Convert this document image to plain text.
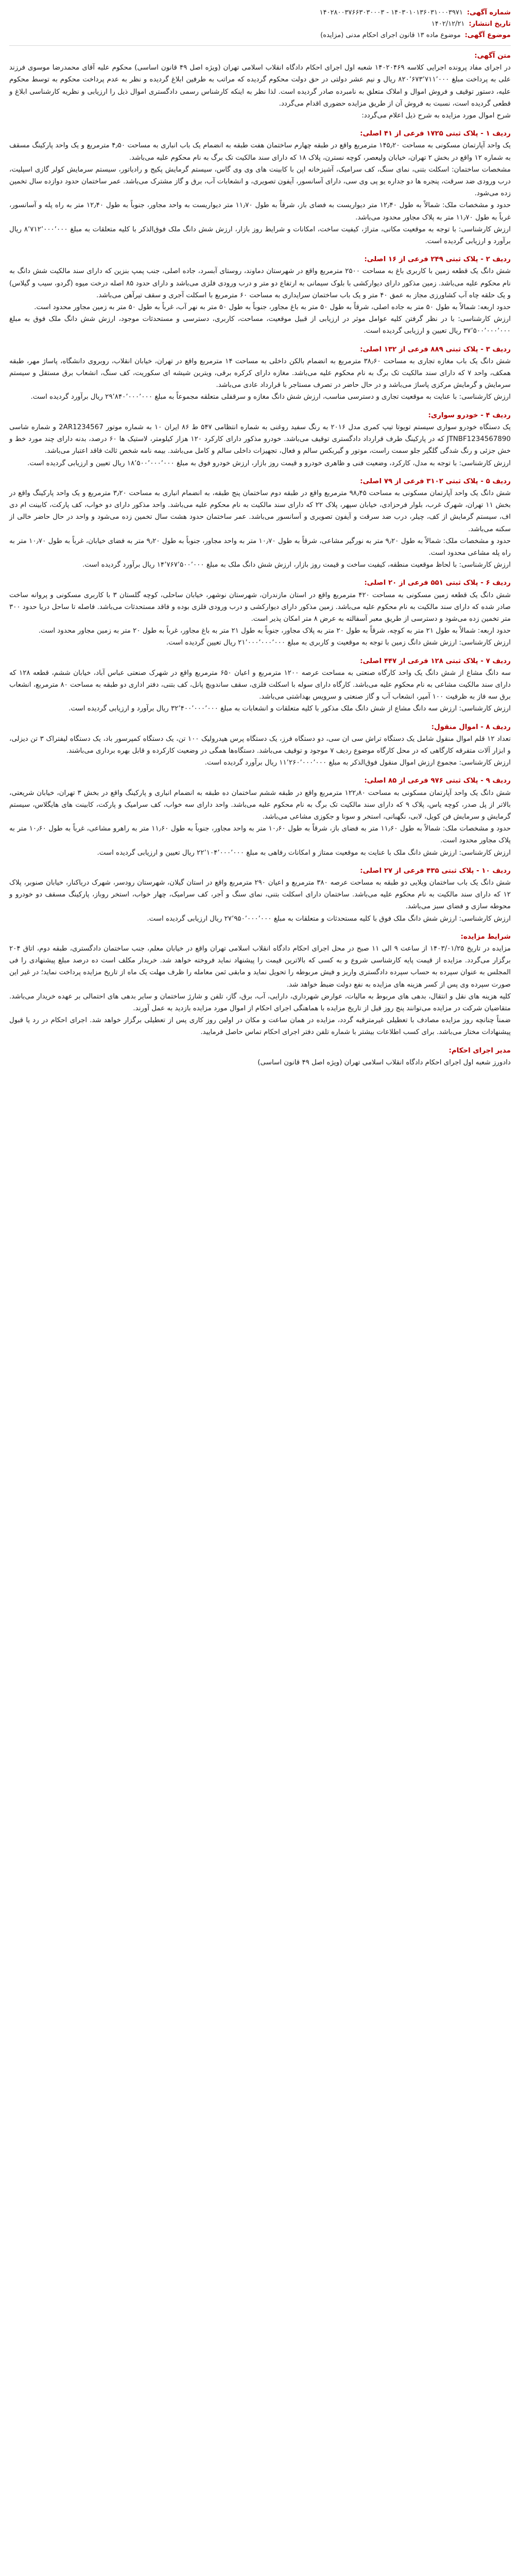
شماره آگهی:
۱۴۰۳۰۱۰۱۳۶۰۳۱۰۰۰۳۹۷۱ - ۱۴۰۲۸۰۰۳۷۶۶۳۰۳۰۰۰۳
تاریخ انتشار:
۱۴۰۲/۱۲/۲۱
موضوع آگهی:
موضوع ماده ۱۳ قانون اجرای احکام مدنی (مزایده)
متن آگهی:
در اجرای مفاد پرونده اجرایی کلاسه ۱۴۰۲۰۴۶۹ شعبه اول اجرای احکام دادگاه انقلاب اسلامی تهران (ویژه اصل ۴۹ قانون اساسی) محکوم علیه آقای محمدرضا موسوی فرزند علی به پرداخت مبلغ ۸۲۰٬۶۷۳٬۷۱۱٬۰۰۰ ریال و نیم عشر دولتی در حق دولت محکوم گردیده که مراتب به طرفین ابلاغ گردیده و نظر به عدم پرداخت محکوم به توسط محکوم علیه، دستور توقیف و فروش اموال و املاک متعلق به نامبرده صادر گردیده است. لذا نظر به اینکه کارشناس رسمی دادگستری اموال ذیل را ارزیابی و نظریه کارشناسی ابلاغ و قطعی گردیده است، نسبت به فروش آن از طریق مزایده حضوری اقدام می‌گردد.
شرح اموال مورد مزایده به شرح ذیل اعلام می‌گردد:
ردیف ۱ - پلاک ثبتی ۱۷۲۵ فرعی از ۴۱ اصلی:
یک واحد آپارتمان مسکونی به مساحت ۱۴۵٫۲۰ مترمربع واقع در طبقه چهارم ساختمان هفت طبقه به انضمام یک باب انباری به مساحت ۴٫۵۰ مترمربع و یک واحد پارکینگ مسقف به شماره ۱۲ واقع در بخش ۲ تهران، خیابان ولیعصر، کوچه نسترن، پلاک ۱۸ که دارای سند مالکیت تک برگ به نام محکوم علیه می‌باشد.
مشخصات ساختمان: اسکلت بتنی، نمای سنگ، کف سرامیک، آشپزخانه اپن با کابینت های وی وی گاس، سیستم گرمایش پکیج و رادیاتور، سیستم سرمایش کولر گازی اسپلیت، درب ورودی ضد سرقت، پنجره ها دو جداره یو پی وی سی، دارای آسانسور، آیفون تصویری، و انشعابات آب، برق و گاز مشترک می‌باشد. عمر ساختمان حدود دوازده سال تخمین زده می‌شود.
حدود و مشخصات ملک: شمالاً به طول ۱۲٫۴۰ متر دیواریست به فضای باز، شرقاً به طول ۱۱٫۷۰ متر دیواریست به واحد مجاور، جنوباً به طول ۱۲٫۴۰ متر به راه پله و آسانسور، غرباً به طول ۱۱٫۷۰ متر به پلاک مجاور محدود می‌باشد.
ارزش کارشناسی: با توجه به موقعیت مکانی، متراژ، کیفیت ساخت، امکانات و شرایط روز بازار، ارزش شش دانگ ملک فوق‌الذکر با کلیه متعلقات به مبلغ ۸٬۷۱۲٬۰۰۰٬۰۰۰ ریال برآورد و ارزیابی گردیده است.
ردیف ۲ - پلاک ثبتی ۲۴۹ فرعی از ۱۶ اصلی:
شش دانگ یک قطعه زمین با کاربری باغ به مساحت ۲۵۰۰ مترمربع واقع در شهرستان دماوند، روستای آبسرد، جاده اصلی، جنب پمپ بنزین که دارای سند مالکیت شش دانگ به نام محکوم علیه می‌باشد. زمین مذکور دارای دیوارکشی با بلوک سیمانی به ارتفاع دو متر و درب ورودی فلزی می‌باشد و دارای حدود ۸۵ اصله درخت میوه (گردو، سیب و گیلاس) و یک حلقه چاه آب کشاورزی مجاز به عمق ۴۰ متر و یک باب ساختمان سرایداری به مساحت ۶۰ مترمربع با اسکلت آجری و سقف تیرآهن می‌باشد.
حدود اربعه: شمالاً به طول ۵۰ متر به جاده اصلی، شرقاً به طول ۵۰ متر به باغ مجاور، جنوباً به طول ۵۰ متر به نهر آب، غرباً به طول ۵۰ متر به زمین مجاور محدود است.
ارزش کارشناسی: با در نظر گرفتن کلیه عوامل موثر در ارزیابی از قبیل موقعیت، مساحت، کاربری، دسترسی و مستحدثات موجود، ارزش شش دانگ ملک فوق به مبلغ ۳۷٬۵۰۰٬۰۰۰٬۰۰۰ ریال تعیین و ارزیابی گردیده است.
ردیف ۳ - پلاک ثبتی ۸۸۹ فرعی از ۱۳۲ اصلی:
شش دانگ یک باب مغازه تجاری به مساحت ۳۸٫۶۰ مترمربع به انضمام بالکن داخلی به مساحت ۱۴ مترمربع واقع در تهران، خیابان انقلاب، روبروی دانشگاه، پاساژ مهر، طبقه همکف، واحد ۷ که دارای سند مالکیت تک برگ به نام محکوم علیه می‌باشد. مغازه دارای کرکره برقی، ویترین شیشه ای سکوریت، کف سنگ، انشعاب برق مستقل و سیستم سرمایش و گرمایش مرکزی پاساژ می‌باشد و در حال حاضر در تصرف مستاجر با قرارداد عادی می‌باشد.
ارزش کارشناسی: با عنایت به موقعیت تجاری و دسترسی مناسب، ارزش شش دانگ مغازه و سرقفلی متعلقه مجموعاً به مبلغ ۲۹٬۸۴۰٬۰۰۰٬۰۰۰ ریال برآورد گردیده است.
ردیف ۴ - خودرو سواری:
یک دستگاه خودرو سواری سیستم تویوتا تیپ کمری مدل ۲۰۱۶ به رنگ سفید روغنی به شماره انتظامی ۵۴۷ ط ۸۶ ایران ۱۰ به شماره موتور 2AR1234567 و شماره شاسی JTNBF1234567890 که در پارکینگ طرف قرارداد دادگستری توقیف می‌باشد. خودرو مذکور دارای کارکرد ۱۲۰ هزار کیلومتر، لاستیک ها ۶۰ درصد، بدنه دارای چند مورد خط و خش جزئی و رنگ شدگی گلگیر جلو سمت راست، موتور و گیربکس سالم و فعال، تجهیزات داخلی سالم و کامل می‌باشد. بیمه نامه شخص ثالث فاقد اعتبار می‌باشد.
ارزش کارشناسی: با توجه به مدل، کارکرد، وضعیت فنی و ظاهری خودرو و قیمت روز بازار، ارزش خودرو فوق به مبلغ ۱۸٬۵۰۰٬۰۰۰٬۰۰۰ ریال تعیین و ارزیابی گردیده است.
ردیف ۵ - پلاک ثبتی ۳۱۰۲ فرعی از ۷۹ اصلی:
شش دانگ یک واحد آپارتمان مسکونی به مساحت ۹۸٫۴۵ مترمربع واقع در طبقه دوم ساختمان پنج طبقه، به انضمام انباری به مساحت ۳٫۲۰ مترمربع و یک واحد پارکینگ واقع در بخش ۱۱ تهران، شهرک غرب، بلوار فرحزادی، خیابان سپهر، پلاک ۲۲ که دارای سند مالکیت به نام محکوم علیه می‌باشد. واحد مذکور دارای دو خواب، کف پارکت، کابینت ام دی اف، سیستم گرمایش از کف، چیلر، درب ضد سرقت و آیفون تصویری و آسانسور می‌باشد. عمر ساختمان حدود هشت سال تخمین زده می‌شود و واحد در حال حاضر خالی از سکنه می‌باشد.
حدود و مشخصات ملک: شمالاً به طول ۹٫۲۰ متر به نورگیر مشاعی، شرقاً به طول ۱۰٫۷۰ متر به واحد مجاور، جنوباً به طول ۹٫۲۰ متر به فضای خیابان، غرباً به طول ۱۰٫۷۰ متر به راه پله مشاعی محدود است.
ارزش کارشناسی: با لحاظ موقعیت منطقه، کیفیت ساخت و قیمت روز بازار، ارزش شش دانگ ملک به مبلغ ۱۴٬۷۶۷٬۵۰۰٬۰۰۰ ریال برآورد گردیده است.
ردیف ۶ - پلاک ثبتی ۵۵۱ فرعی از ۲۰ اصلی:
شش دانگ یک قطعه زمین مسکونی به مساحت ۴۲۰ مترمربع واقع در استان مازندران، شهرستان نوشهر، خیابان ساحلی، کوچه گلستان ۳ با کاربری مسکونی و پروانه ساخت صادر شده که دارای سند مالکیت به نام محکوم علیه می‌باشد. زمین مذکور دارای دیوارکشی و درب ورودی فلزی بوده و فاقد مستحدثات می‌باشد. فاصله تا ساحل دریا حدود ۳۰۰ متر تخمین زده می‌شود و دسترسی از طریق معبر آسفالته به عرض ۸ متر امکان پذیر است.
حدود اربعه: شمالاً به طول ۲۱ متر به کوچه، شرقاً به طول ۲۰ متر به پلاک مجاور، جنوباً به طول ۲۱ متر به باغ مجاور، غرباً به طول ۲۰ متر به زمین مجاور محدود است.
ارزش کارشناسی: ارزش شش دانگ زمین با توجه به موقعیت و کاربری به مبلغ ۲۱٬۰۰۰٬۰۰۰٬۰۰۰ ریال تعیین گردیده است.
ردیف ۷ - پلاک ثبتی ۱۲۸ فرعی از ۴۴۷ اصلی:
سه دانگ مشاع از شش دانگ یک واحد کارگاه صنعتی به مساحت عرصه ۱۲۰۰ مترمربع و اعیان ۶۵۰ مترمربع واقع در شهرک صنعتی عباس آباد، خیابان ششم، قطعه ۱۲۸ که دارای سند مالکیت مشاعی به نام محکوم علیه می‌باشد. کارگاه دارای سوله با اسکلت فلزی، سقف ساندویچ پانل، کف بتنی، دفتر اداری دو طبقه به مساحت ۸۰ مترمربع، انشعاب برق سه فاز به ظرفیت ۱۰۰ آمپر، انشعاب آب و گاز صنعتی و سرویس بهداشتی می‌باشد.
ارزش کارشناسی: ارزش سه دانگ مشاع از شش دانگ ملک مذکور با کلیه متعلقات و انشعابات به مبلغ ۳۲٬۴۰۰٬۰۰۰٬۰۰۰ ریال برآورد و ارزیابی گردیده است.
ردیف ۸ - اموال منقول:
تعداد ۱۲ قلم اموال منقول شامل یک دستگاه تراش سی ان سی، دو دستگاه فرز، یک دستگاه پرس هیدرولیک ۱۰۰ تن، یک دستگاه کمپرسور باد، یک دستگاه لیفتراک ۳ تن دیزلی، و ابزار آلات متفرقه کارگاهی که در محل کارگاه موضوع ردیف ۷ موجود و توقیف می‌باشد. دستگاه‌ها همگی در وضعیت کارکرده و قابل بهره برداری می‌باشند.
ارزش کارشناسی: مجموع ارزش اموال منقول فوق‌الذکر به مبلغ ۱۱٬۲۶۰٬۰۰۰٬۰۰۰ ریال برآورد گردیده است.
ردیف ۹ - پلاک ثبتی ۹۷۶ فرعی از ۸۵ اصلی:
شش دانگ یک واحد آپارتمان مسکونی به مساحت ۱۲۲٫۸۰ مترمربع واقع در طبقه ششم ساختمان ده طبقه به انضمام انباری و پارکینگ واقع در بخش ۳ تهران، خیابان شریعتی، بالاتر از پل صدر، کوچه یاس، پلاک ۹ که دارای سند مالکیت تک برگ به نام محکوم علیه می‌باشد. واحد دارای سه خواب، کف سرامیک و پارکت، کابینت های هایگلاس، سیستم گرمایش و سرمایش فن کویل، لابی، نگهبانی، استخر و سونا و جکوزی مشاعی می‌باشد.
حدود و مشخصات ملک: شمالاً به طول ۱۱٫۶۰ متر به فضای باز، شرقاً به طول ۱۰٫۶۰ متر به واحد مجاور، جنوباً به طول ۱۱٫۶۰ متر به راهرو مشاعی، غرباً به طول ۱۰٫۶۰ متر به پلاک مجاور محدود است.
ارزش کارشناسی: ارزش شش دانگ ملک با عنایت به موقعیت ممتاز و امکانات رفاهی به مبلغ ۲۲٬۱۰۴٬۰۰۰٬۰۰۰ ریال تعیین و ارزیابی گردیده است.
ردیف ۱۰ - پلاک ثبتی ۴۳۵ فرعی از ۲۷ اصلی:
شش دانگ یک باب ساختمان ویلایی دو طبقه به مساحت عرصه ۳۸۰ مترمربع و اعیان ۲۹۰ مترمربع واقع در استان گیلان، شهرستان رودسر، شهرک دریاکنار، خیابان صنوبر، پلاک ۱۲ که دارای سند مالکیت به نام محکوم علیه می‌باشد. ساختمان دارای اسکلت بتنی، نمای سنگ و آجر، کف سرامیک، چهار خواب، استخر روباز، پارکینگ مسقف دو خودرو و محوطه سازی و فضای سبز می‌باشد.
ارزش کارشناسی: ارزش شش دانگ ملک فوق با کلیه مستحدثات و متعلقات به مبلغ ۲۷٬۹۵۰٬۰۰۰٬۰۰۰ ریال ارزیابی گردیده است.
شرایط مزایده:
مزایده در تاریخ ۱۴۰۳/۰۱/۲۵ از ساعت ۹ الی ۱۱ صبح در محل اجرای احکام دادگاه انقلاب اسلامی تهران واقع در خیابان معلم، جنب ساختمان دادگستری، طبقه دوم، اتاق ۲۰۴ برگزار می‌گردد. مزایده از قیمت پایه کارشناسی شروع و به کسی که بالاترین قیمت را پیشنهاد نماید فروخته خواهد شد. خریدار مکلف است ده درصد مبلغ پیشنهادی را فی المجلس به عنوان سپرده به حساب سپرده دادگستری واریز و فیش مربوطه را تحویل نماید و مابقی ثمن معامله را ظرف مهلت یک ماه از تاریخ مزایده پرداخت نماید؛ در غیر این صورت سپرده وی پس از کسر هزینه های مزایده به نفع دولت ضبط خواهد شد.
کلیه هزینه های نقل و انتقال، بدهی های مربوط به مالیات، عوارض شهرداری، دارایی، آب، برق، گاز، تلفن و شارژ ساختمان و سایر بدهی های احتمالی بر عهده خریدار می‌باشد. متقاضیان شرکت در مزایده می‌توانند پنج روز قبل از تاریخ مزایده با هماهنگی اجرای احکام از اموال مورد مزایده بازدید به عمل آورند.
ضمناً چنانچه روز مزایده مصادف با تعطیلی غیرمترقبه گردد، مزایده در همان ساعت و مکان در اولین روز کاری پس از تعطیلی برگزار خواهد شد. اجرای احکام در رد یا قبول پیشنهادات مختار می‌باشد. برای کسب اطلاعات بیشتر با شماره تلفن دفتر اجرای احکام تماس حاصل فرمایید.
مدیر اجرای احکام:
دادورز شعبه اول اجرای احکام دادگاه انقلاب اسلامی تهران (ویژه اصل ۴۹ قانون اساسی)
